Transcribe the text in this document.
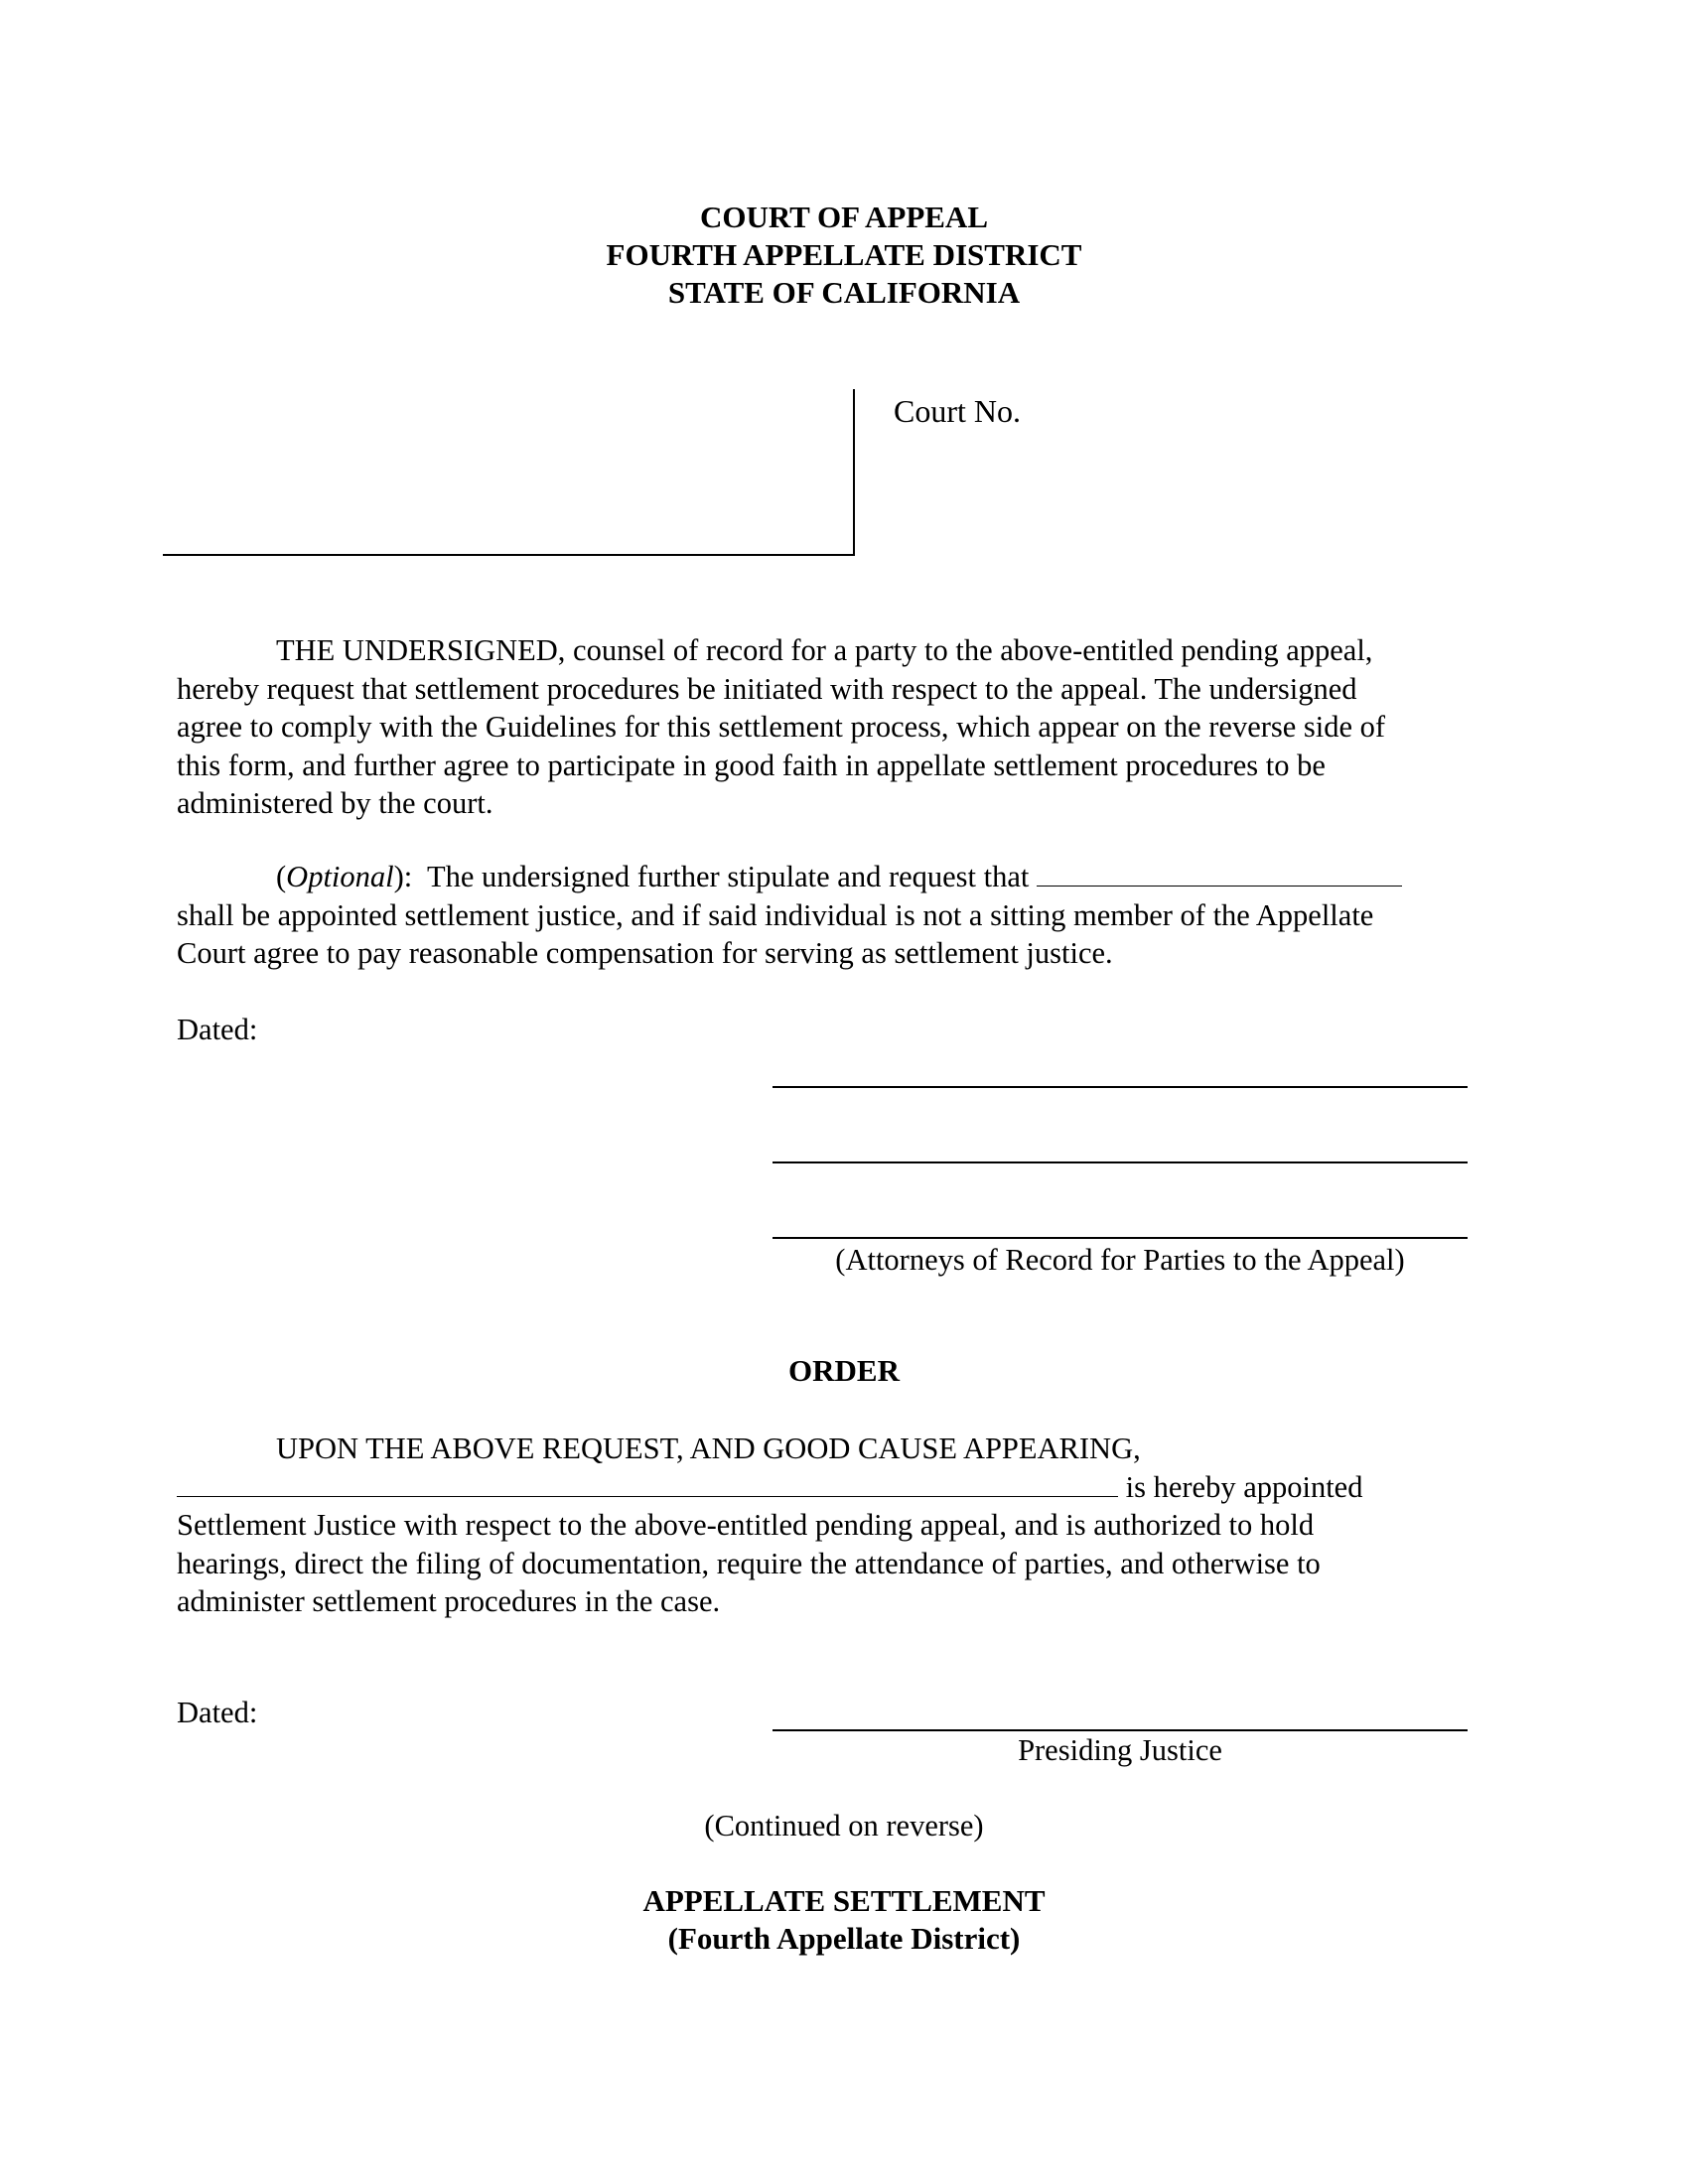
COURT OF APPEAL
FOURTH APPELLATE DISTRICT
STATE OF CALIFORNIA
Court No.
THE UNDERSIGNED, counsel of record for a party to the above-entitled pending appeal,
hereby request that settlement procedures be initiated with respect to the appeal. The undersigned
agree to comply with the Guidelines for this settlement process, which appear on the reverse side of
this form, and further agree to participate in good faith in appellate settlement procedures to be
administered by the court.
(Optional):  The undersigned further stipulate and request that
shall be appointed settlement justice, and if said individual is not a sitting member of the Appellate
Court agree to pay reasonable compensation for serving as settlement justice.
Dated:
(Attorneys of Record for Parties to the Appeal)
ORDER
UPON THE ABOVE REQUEST, AND GOOD CAUSE APPEARING,
is hereby appointed
Settlement Justice with respect to the above-entitled pending appeal, and is authorized to hold
hearings, direct the filing of documentation, require the attendance of parties, and otherwise to
administer settlement procedures in the case.
Dated:
Presiding Justice
(Continued on reverse)
APPELLATE SETTLEMENT
(Fourth Appellate District)
